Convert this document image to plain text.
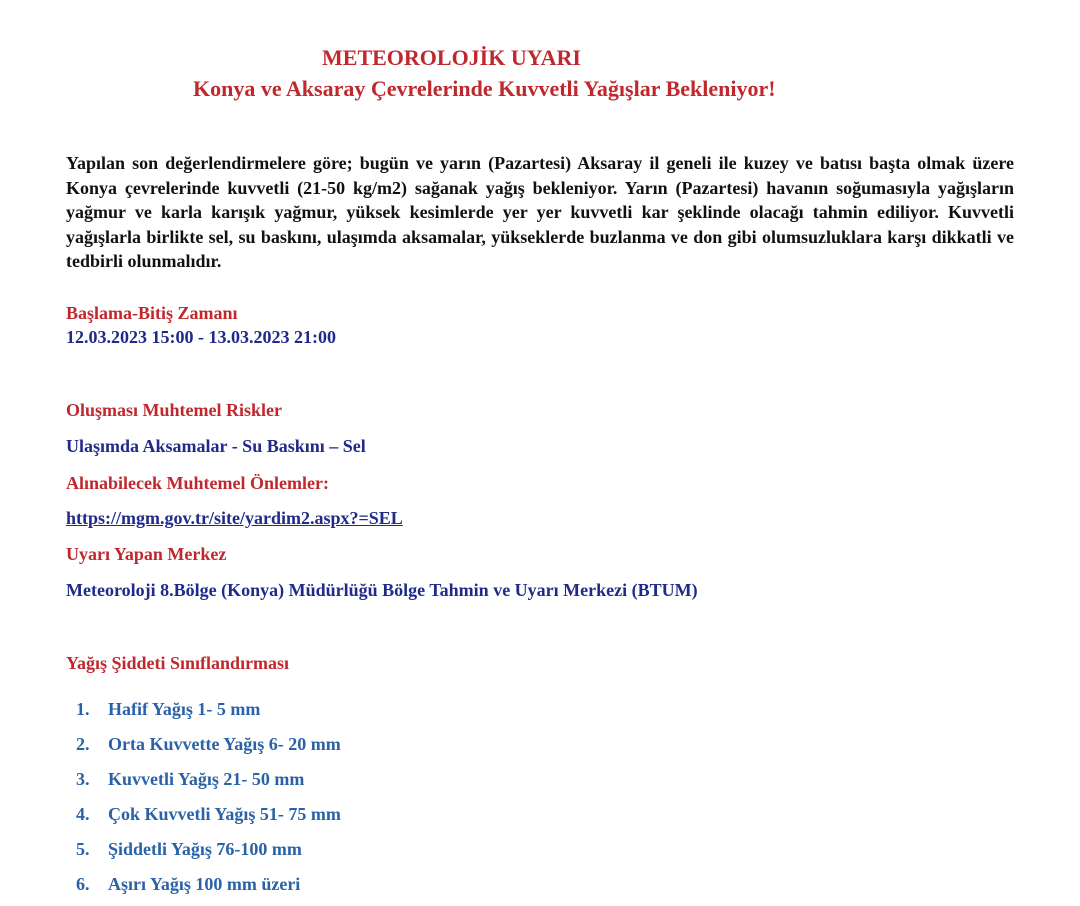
METEOROLOJİK UYARI
Konya ve Aksaray Çevrelerinde Kuvvetli Yağışlar Bekleniyor!
Yapılan son değerlendirmelere göre; bugün ve yarın (Pazartesi) Aksaray il geneli ile kuzey ve batısı başta olmak üzere Konya çevrelerinde kuvvetli (21-50 kg/m2) sağanak yağış bekleniyor. Yarın (Pazartesi) havanın soğumasıyla yağışların yağmur ve karla karışık yağmur, yüksek kesimlerde yer yer kuvvetli kar şeklinde olacağı tahmin ediliyor. Kuvvetli yağışlarla birlikte sel, su baskını, ulaşımda aksamalar, yükseklerde buzlanma ve don gibi olumsuzluklara karşı dikkatli ve tedbirli olunmalıdır.
Başlama-Bitiş Zamanı
12.03.2023 15:00 - 13.03.2023 21:00
Oluşması Muhtemel Riskler
Ulaşımda Aksamalar - Su Baskını – Sel
Alınabilecek Muhtemel Önlemler:
https://mgm.gov.tr/site/yardim2.aspx?=SEL
Uyarı Yapan Merkez
Meteoroloji 8.Bölge (Konya) Müdürlüğü Bölge Tahmin ve Uyarı Merkezi (BTUM)
Yağış Şiddeti Sınıflandırması
1. Hafif Yağış 1- 5 mm
2. Orta Kuvvette Yağış 6- 20 mm
3. Kuvvetli Yağış 21- 50 mm
4. Çok Kuvvetli Yağış 51- 75 mm
5. Şiddetli Yağış 76-100 mm
6. Aşırı Yağış 100 mm üzeri
